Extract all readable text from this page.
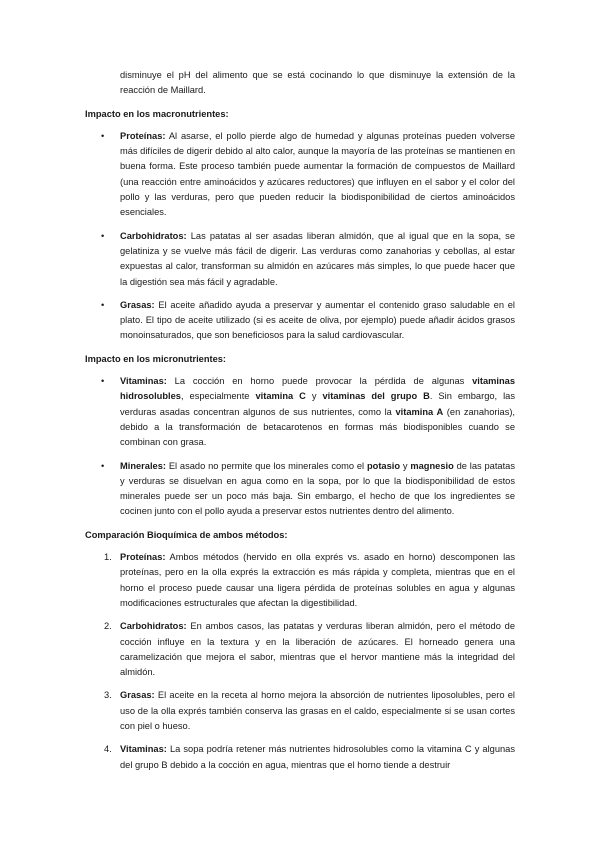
disminuye el pH del alimento que se está cocinando lo que disminuye la extensión de la reacción de Maillard.

Impacto en los macronutrientes:

• Proteínas: Al asarse, el pollo pierde algo de humedad y algunas proteínas pueden volverse más difíciles de digerir debido al alto calor, aunque la mayoría de las proteínas se mantienen en buena forma. Este proceso también puede aumentar la formación de compuestos de Maillard (una reacción entre aminoácidos y azúcares reductores) que influyen en el sabor y el color del pollo y las verduras, pero que pueden reducir la biodisponibilidad de ciertos aminoácidos esenciales.
• Carbohidratos: Las patatas al ser asadas liberan almidón, que al igual que en la sopa, se gelatiniza y se vuelve más fácil de digerir. Las verduras como zanahorias y cebollas, al estar expuestas al calor, transforman su almidón en azúcares más simples, lo que puede hacer que la digestión sea más fácil y agradable.
• Grasas: El aceite añadido ayuda a preservar y aumentar el contenido graso saludable en el plato. El tipo de aceite utilizado (si es aceite de oliva, por ejemplo) puede añadir ácidos grasos monoinsaturados, que son beneficiosos para la salud cardiovascular.

Impacto en los micronutrientes:

• Vitaminas: La cocción en horno puede provocar la pérdida de algunas vitaminas hidrosolubles, especialmente vitamina C y vitaminas del grupo B. Sin embargo, las verduras asadas concentran algunos de sus nutrientes, como la vitamina A (en zanahorias), debido a la transformación de betacarotenos en formas más biodisponibles cuando se combinan con grasa.
• Minerales: El asado no permite que los minerales como el potasio y magnesio de las patatas y verduras se disuelvan en agua como en la sopa, por lo que la biodisponibilidad de estos minerales puede ser un poco más baja. Sin embargo, el hecho de que los ingredientes se cocinen junto con el pollo ayuda a preservar estos nutrientes dentro del alimento.

Comparación Bioquímica de ambos métodos:

1. Proteínas: Ambos métodos (hervido en olla exprés vs. asado en horno) descomponen las proteínas, pero en la olla exprés la extracción es más rápida y completa, mientras que en el horno el proceso puede causar una ligera pérdida de proteínas solubles en agua y algunas modificaciones estructurales que afectan la digestibilidad.
2. Carbohidratos: En ambos casos, las patatas y verduras liberan almidón, pero el método de cocción influye en la textura y en la liberación de azúcares. El horneado genera una caramelización que mejora el sabor, mientras que el hervor mantiene más la integridad del almidón.
3. Grasas: El aceite en la receta al horno mejora la absorción de nutrientes liposolubles, pero el uso de la olla exprés también conserva las grasas en el caldo, especialmente si se usan cortes con piel o hueso.
4. Vitaminas: La sopa podría retener más nutrientes hidrosolubles como la vitamina C y algunas del grupo B debido a la cocción en agua, mientras que el horno tiende a destruir
